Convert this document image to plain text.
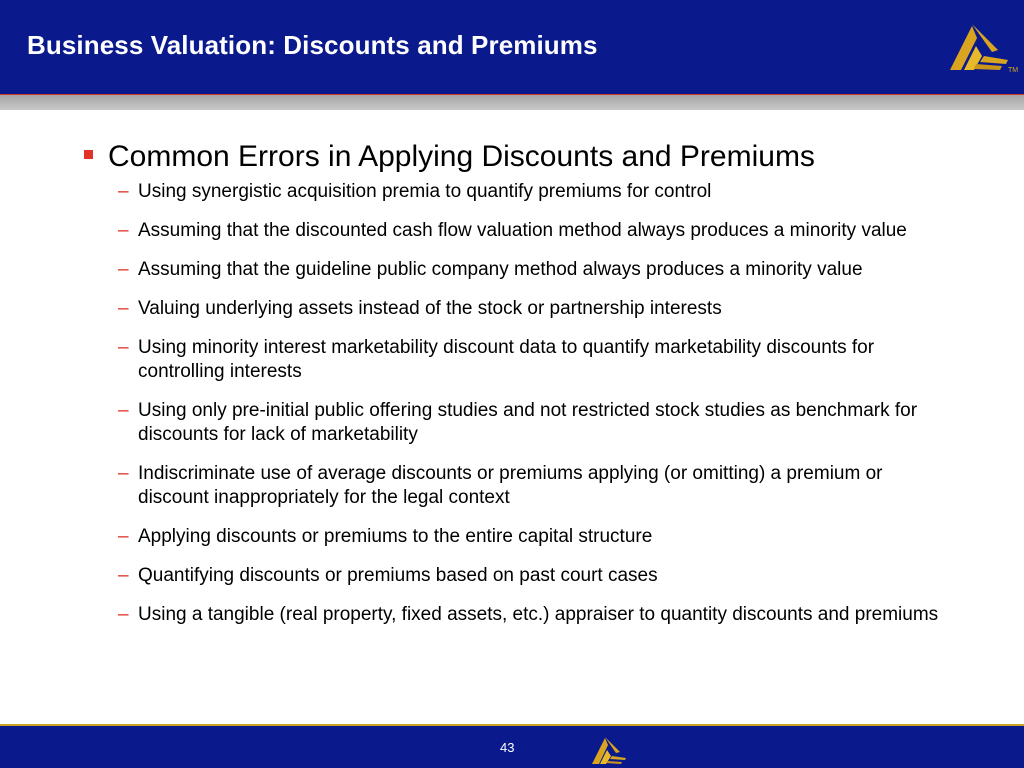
Business Valuation: Discounts and Premiums
TM
Common Errors in Applying Discounts and Premiums
– Using synergistic acquisition premia to quantify premiums for control
– Assuming that the discounted cash flow valuation method always produces a minority value
– Assuming that the guideline public company method always produces a minority value
– Valuing underlying assets instead of the stock or partnership interests
– Using minority interest marketability discount data to quantify marketability discounts for controlling interests
– Using only pre-initial public offering studies and not restricted stock studies as benchmark for discounts for lack of marketability
– Indiscriminate use of average discounts or premiums applying (or omitting) a premium or discount inappropriately for the legal context
– Applying discounts or premiums to the entire capital structure
– Quantifying discounts or premiums based on past court cases
– Using a tangible (real property, fixed assets, etc.) appraiser to quantity discounts and premiums
43
